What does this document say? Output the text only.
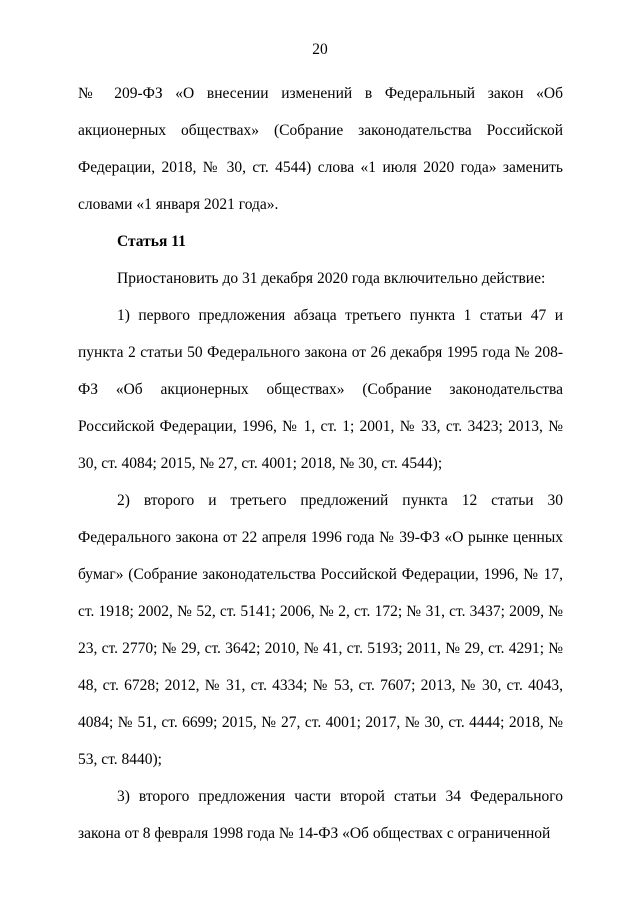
20

№ 209-ФЗ «О внесении изменений в Федеральный закон «Об акционерных обществах» (Собрание законодательства Российской Федерации, 2018, № 30, ст. 4544) слова «1 июля 2020 года» заменить словами «1 января 2021 года».

Статья 11

Приостановить до 31 декабря 2020 года включительно действие:

1) первого предложения абзаца третьего пункта 1 статьи 47 и пункта 2 статьи 50 Федерального закона от 26 декабря 1995 года № 208-ФЗ «Об акционерных обществах» (Собрание законодательства Российской Федерации, 1996, № 1, ст. 1; 2001, № 33, ст. 3423; 2013, № 30, ст. 4084; 2015, № 27, ст. 4001; 2018, № 30, ст. 4544);

2) второго и третьего предложений пункта 12 статьи 30 Федерального закона от 22 апреля 1996 года № 39-ФЗ «О рынке ценных бумаг» (Собрание законодательства Российской Федерации, 1996, № 17, ст. 1918; 2002, № 52, ст. 5141; 2006, № 2, ст. 172; № 31, ст. 3437; 2009, № 23, ст. 2770; № 29, ст. 3642; 2010, № 41, ст. 5193; 2011, № 29, ст. 4291; № 48, ст. 6728; 2012, № 31, ст. 4334; № 53, ст. 7607; 2013, № 30, ст. 4043, 4084; № 51, ст. 6699; 2015, № 27, ст. 4001; 2017, № 30, ст. 4444; 2018, № 53, ст. 8440);

3) второго предложения части второй статьи 34 Федерального закона от 8 февраля 1998 года № 14-ФЗ «Об обществах с ограниченной
